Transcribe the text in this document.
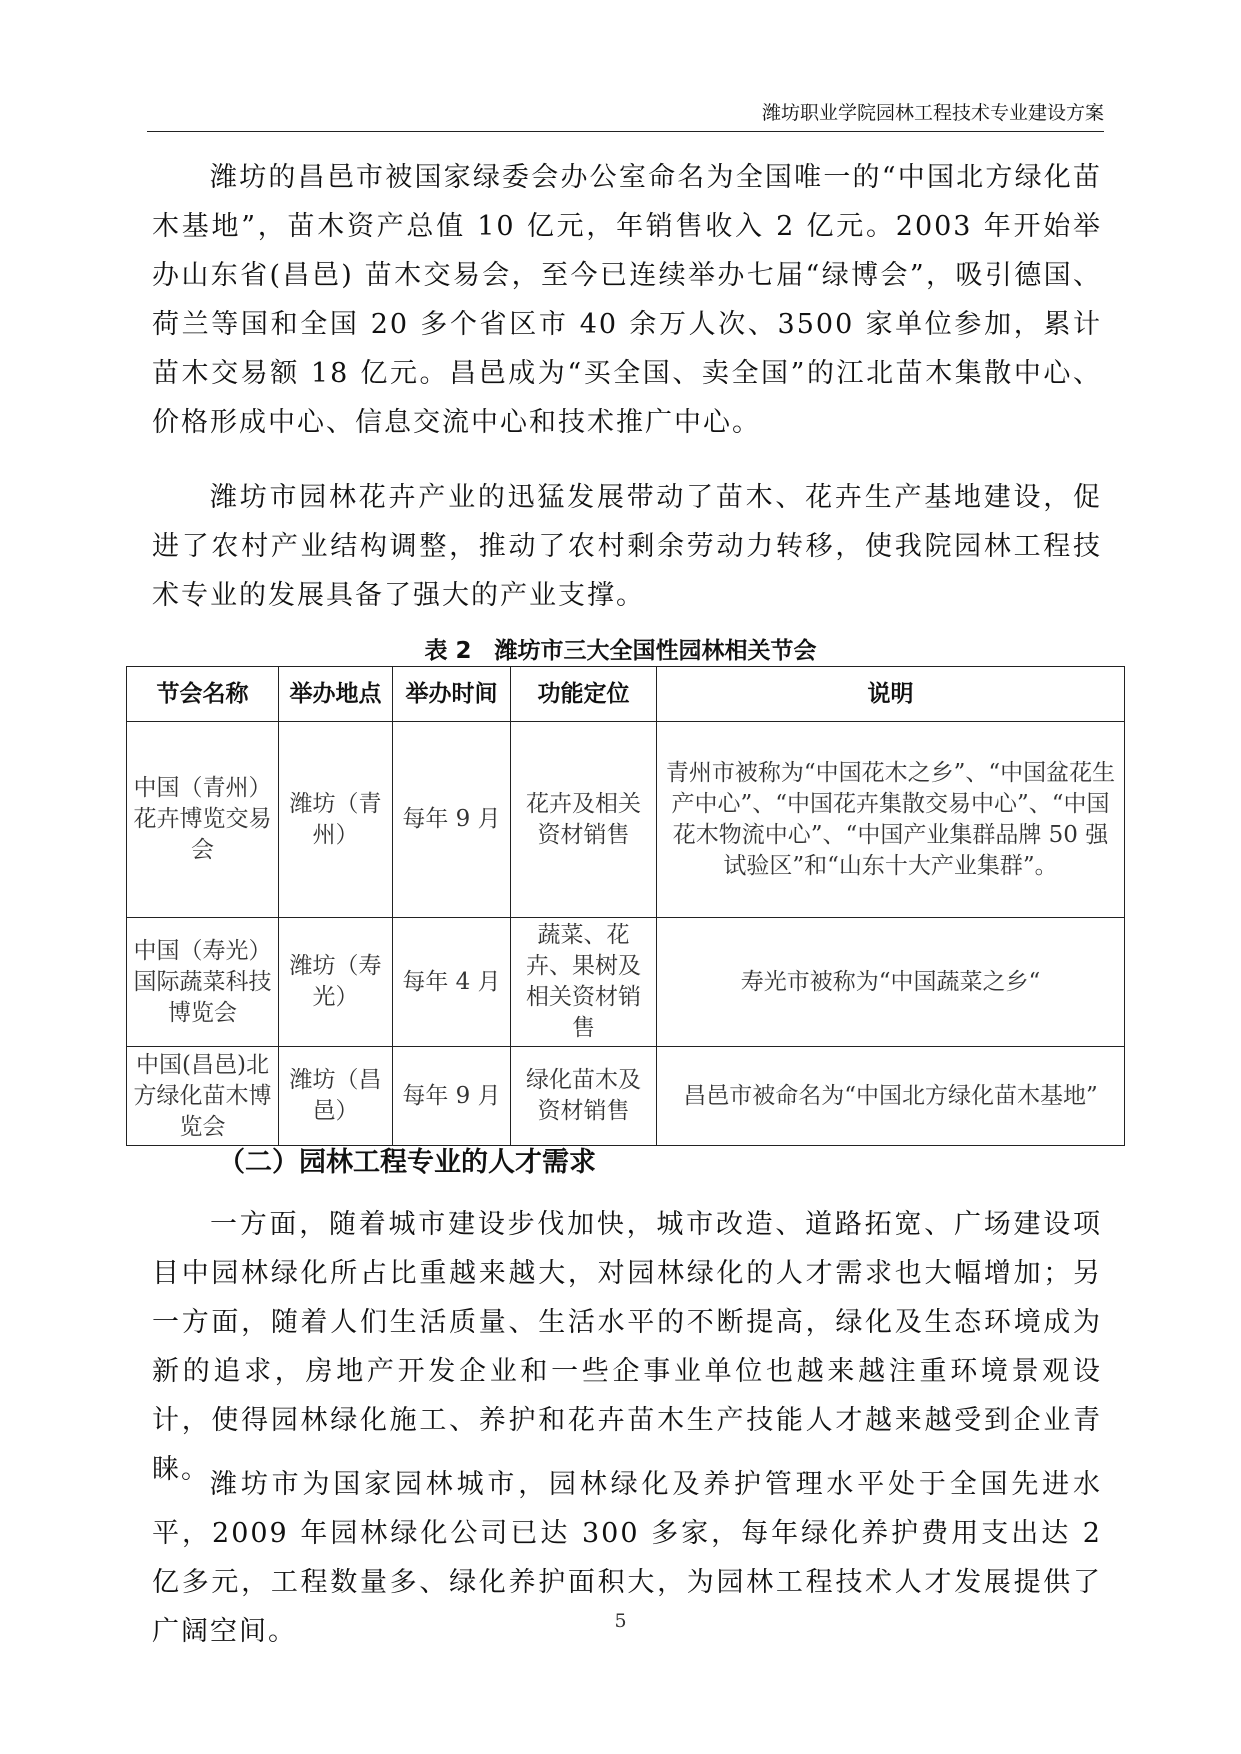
潍坊职业学院园林工程技术专业建设方案

潍坊的昌邑市被国家绿委会办公室命名为全国唯一的“中国北方绿化苗木基地”，苗木资产总值 10 亿元，年销售收入 2 亿元。2003 年开始举办山东省(昌邑) 苗木交易会，至今已连续举办七届“绿博会”，吸引德国、荷兰等国和全国 20 多个省区市 40 余万人次、3500 家单位参加，累计苗木交易额 18 亿元。昌邑成为“买全国、卖全国”的江北苗木集散中心、价格形成中心、信息交流中心和技术推广中心。

潍坊市园林花卉产业的迅猛发展带动了苗木、花卉生产基地建设，促进了农村产业结构调整，推动了农村剩余劳动力转移，使我院园林工程技术专业的发展具备了强大的产业支撑。

表 2　潍坊市三大全国性园林相关节会
节会名称	举办地点	举办时间	功能定位	说明
中国（青州）花卉博览交易会	潍坊（青州）	每年 9 月	花卉及相关资材销售	青州市被称为“中国花木之乡”、“中国盆花生产中心”、“中国花卉集散交易中心”、“中国花木物流中心”、“中国产业集群品牌 50 强试验区”和“山东十大产业集群”。
中国（寿光）国际蔬菜科技博览会	潍坊（寿光）	每年 4 月	蔬菜、花卉、果树及相关资材销售	寿光市被称为“中国蔬菜之乡“
中国(昌邑)北方绿化苗木博览会	潍坊（昌邑）	每年 9 月	绿化苗木及资材销售	昌邑市被命名为“中国北方绿化苗木基地”
（二）园林工程专业的人才需求

一方面，随着城市建设步伐加快，城市改造、道路拓宽、广场建设项目中园林绿化所占比重越来越大，对园林绿化的人才需求也大幅增加；另一方面，随着人们生活质量、生活水平的不断提高，绿化及生态环境成为新的追求，房地产开发企业和一些企事业单位也越来越注重环境景观设计，使得园林绿化施工、养护和花卉苗木生产技能人才越来越受到企业青睐。 潍坊市为国家园林城市，园林绿化及养护管理水平处于全国先进水平，2009 年园林绿化公司已达 300 多家，每年绿化养护费用支出达 2 亿多元，工程数量多、绿化养护面积大，为园林工程技术人才发展提供了广阔空间。	5
